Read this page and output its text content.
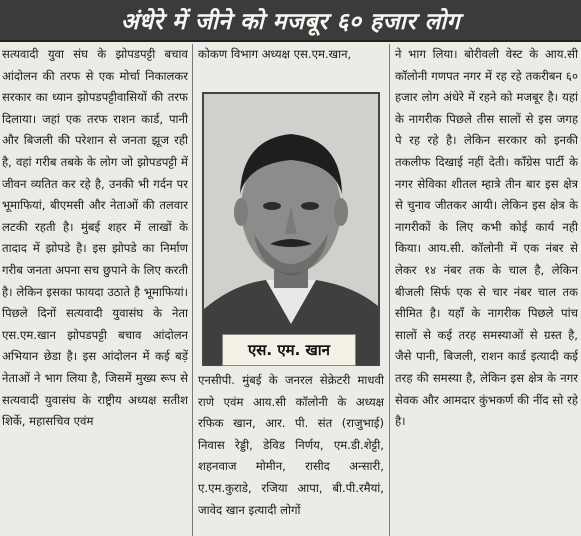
अंधेरे में जीने को मजबूर ६० हजार लोग

सत्यवादी युवा संघ के झोपडपट्टी बचाव आंदोलन की तरफ से एक मोर्चा निकालकर सरकार का ध्यान झोपडपट्टीवासियों की तरफ दिलाया। जहां एक तरफ राशन कार्ड, पानी और बिजली की परेशान से जनता झूज रही है, वहां गरीब तबके के लोग जो झोपडपट्टी में जीवन व्यतित कर रहे है, उनकी भी गर्दन पर भूमाफियां, बीएमसी और नेताओं की तलवार लटकी रहती है। मुंबई शहर में लाखों के तादाद में झोपडे है। इस झोपडे का निर्माण गरीब जनता अपना सच छुपाने के लिए करती है। लेकिन इसका फायदा उठाते है भूमाफियां। पिछले दिनों सत्यवादी युवासंघ के नेता एस.एम.खान झोपडपट्टी बचाव आंदोलन अभियान छेडा है। इस आंदोलन में कई बड़ें नेताओं ने भाग लिया है, जिसमें मुख्य रूप से सत्यवादी युवासंघ के राष्ट्रीय अध्यक्ष सतीश शिर्के, महासचिव एवंम

कोकण विभाग अध्यक्ष एस.एम.खान,

एस. एम. खान

एनसीपी. मुंबई के जनरल सेक्रेटरी माधवी राणे एवंम आय.सी कॉलोनी के अध्यक्ष रफिक खान, आर. पी. संत (राजुभाई) निवास रेड्डी, डेविड निर्णय, एम.डी.शेट्टी, शहनवाज मोमीन, रासीद अन्सारी, ए.एम.कुराडे, रजिया आपा, बी.पी.रमैयां, जावेद खान इत्यादी लोगों

ने भाग लिया। बोरीवली वेस्ट के आय.सी कॉलोनी गणपत नगर में रह रहे तकरीबन ६० हजार लोग अंधेरे में रहने को मजबूर है। यहां के नागरीक पिछले तीस सालों से इस जगह पे रह रहे है। लेकिन सरकार को इनकी तकलीफ दिखाई नहीं देती। कॉंग्रेस पार्टी के नगर सेविका शीतल म्हात्रे तीन बार इस क्षेत्र से चुनाव जीतकर आयी। लेकिन इस क्षेत्र के नागरीकों के लिए कभी कोई कार्य नही किया। आय.सी. कॉलोनी में एक नंबर से लेकर १४ नंबर तक के चाल है, लेकिन बीजली सिर्फ एक से चार नंबर चाल तक सीमित है। यहॉं के नागरीक पिछले पांच सालों से कई तरह समस्याओं से ग्रस्त है, जैसे पानी, बिजली, राशन कार्ड इत्यादी कई तरह की समस्या है, लेकिन इस क्षेत्र के नगर सेवक और आमदार कुंभकर्ण की नींद सो रहे है।
